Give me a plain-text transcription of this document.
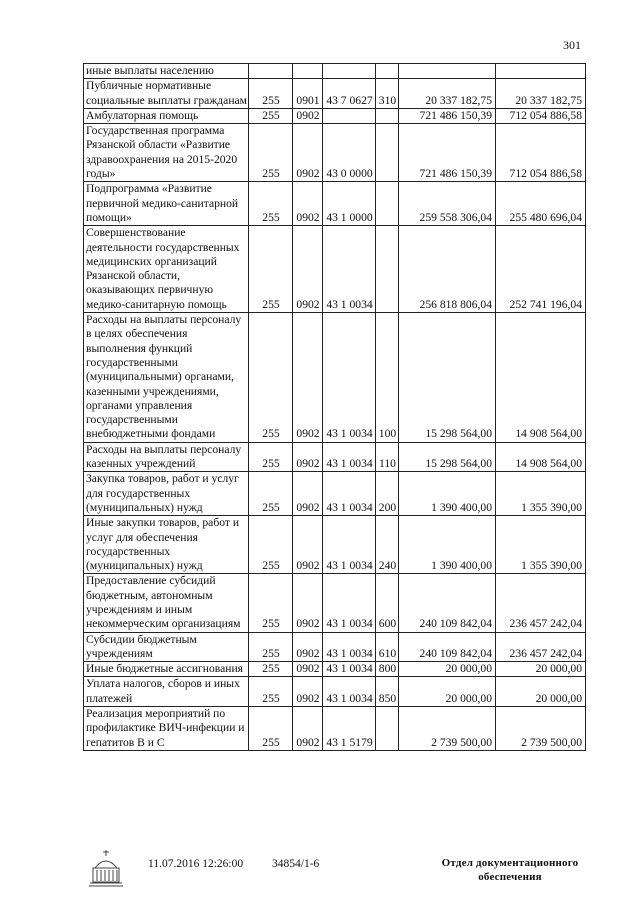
301
иные выплаты населению						
Публичные нормативные социальные выплаты гражданам	255	0901	43 7 0627	310	20 337 182,75	20 337 182,75
Амбулаторная помощь	255	0902			721 486 150,39	712 054 886,58
Государственная программа Рязанской области «Развитие здравоохранения на 2015-2020 годы»	255	0902	43 0 0000		721 486 150,39	712 054 886,58
Подпрограмма «Развитие первичной медико-санитарной помощи»	255	0902	43 1 0000		259 558 306,04	255 480 696,04
Совершенствование деятельности государственных медицинских организаций Рязанской области, оказывающих первичную медико-санитарную помощь	255	0902	43 1 0034		256 818 806,04	252 741 196,04
Расходы на выплаты персоналу в целях обеспечения выполнения функций государственными (муниципальными) органами, казенными учреждениями, органами управления государственными внебюджетными фондами	255	0902	43 1 0034	100	15 298 564,00	14 908 564,00
Расходы на выплаты персоналу казенных учреждений	255	0902	43 1 0034	110	15 298 564,00	14 908 564,00
Закупка товаров, работ и услуг для государственных (муниципальных) нужд	255	0902	43 1 0034	200	1 390 400,00	1 355 390,00
Иные закупки товаров, работ и услуг для обеспечения государственных (муниципальных) нужд	255	0902	43 1 0034	240	1 390 400,00	1 355 390,00
Предоставление субсидий бюджетным, автономным учреждениям и иным некоммерческим организациям	255	0902	43 1 0034	600	240 109 842,04	236 457 242,04
Субсидии бюджетным учреждениям	255	0902	43 1 0034	610	240 109 842,04	236 457 242,04
Иные бюджетные ассигнования	255	0902	43 1 0034	800	20 000,00	20 000,00
Уплата налогов, сборов и иных платежей	255	0902	43 1 0034	850	20 000,00	20 000,00
Реализация мероприятий по профилактике ВИЧ-инфекции и гепатитов B и C	255	0902	43 1 5179		2 739 500,00	2 739 500,00
11.07.2016 12:26:00	34854/1-6	Отдел документационного обеспечения
